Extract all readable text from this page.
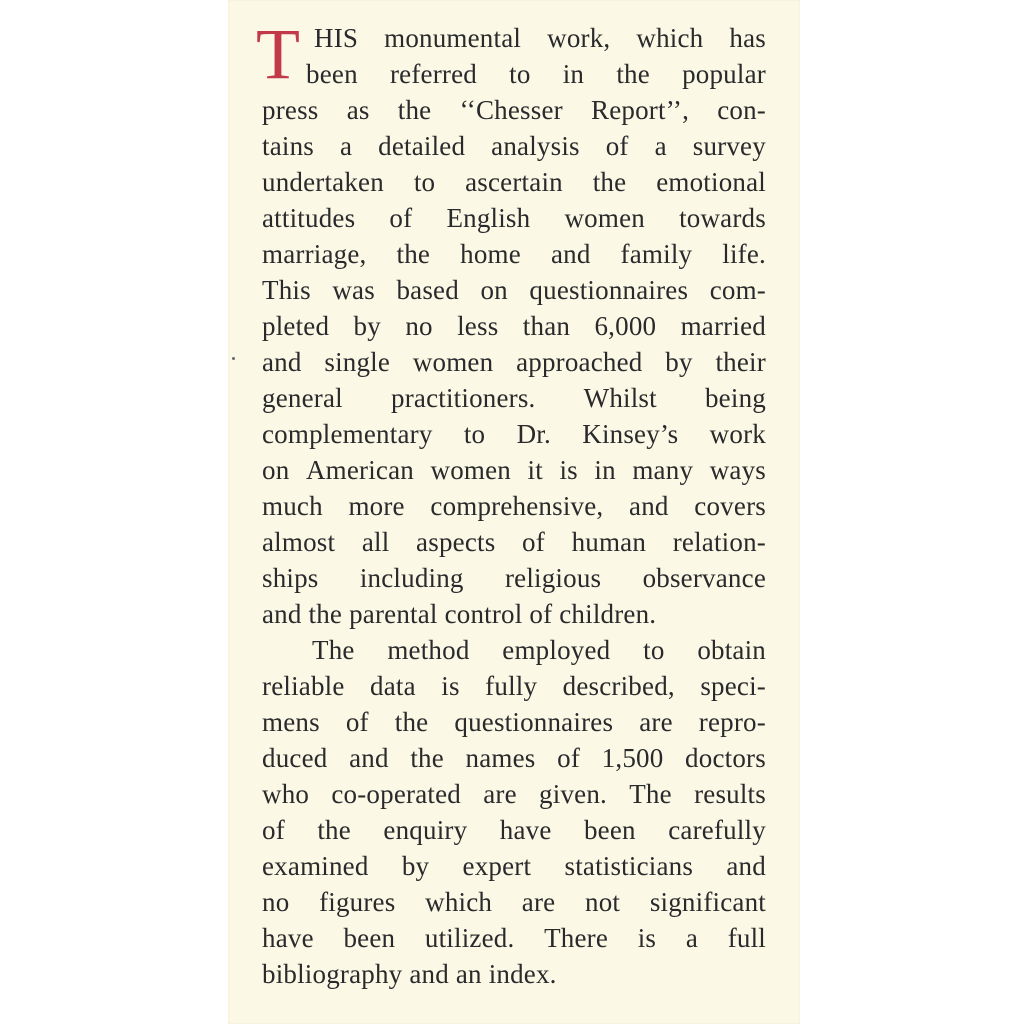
T HIS monumental work, which has
been referred to in the popular
press as the ‘‘Chesser Report’’, con-
tains a detailed analysis of a survey
undertaken to ascertain the emotional
attitudes of English women towards
marriage, the home and family life.
This was based on questionnaires com-
pleted by no less than 6,000 married
and single women approached by their
general practitioners. Whilst being
complementary to Dr. Kinsey’s work
on American women it is in many ways
much more comprehensive, and covers
almost all aspects of human relation-
ships including religious observance
and the parental control of children.
The method employed to obtain
reliable data is fully described, speci-
mens of the questionnaires are repro-
duced and the names of 1,500 doctors
who co-operated are given. The results
of the enquiry have been carefully
examined by expert statisticians and
no figures which are not significant
have been utilized. There is a full
bibliography and an index.
